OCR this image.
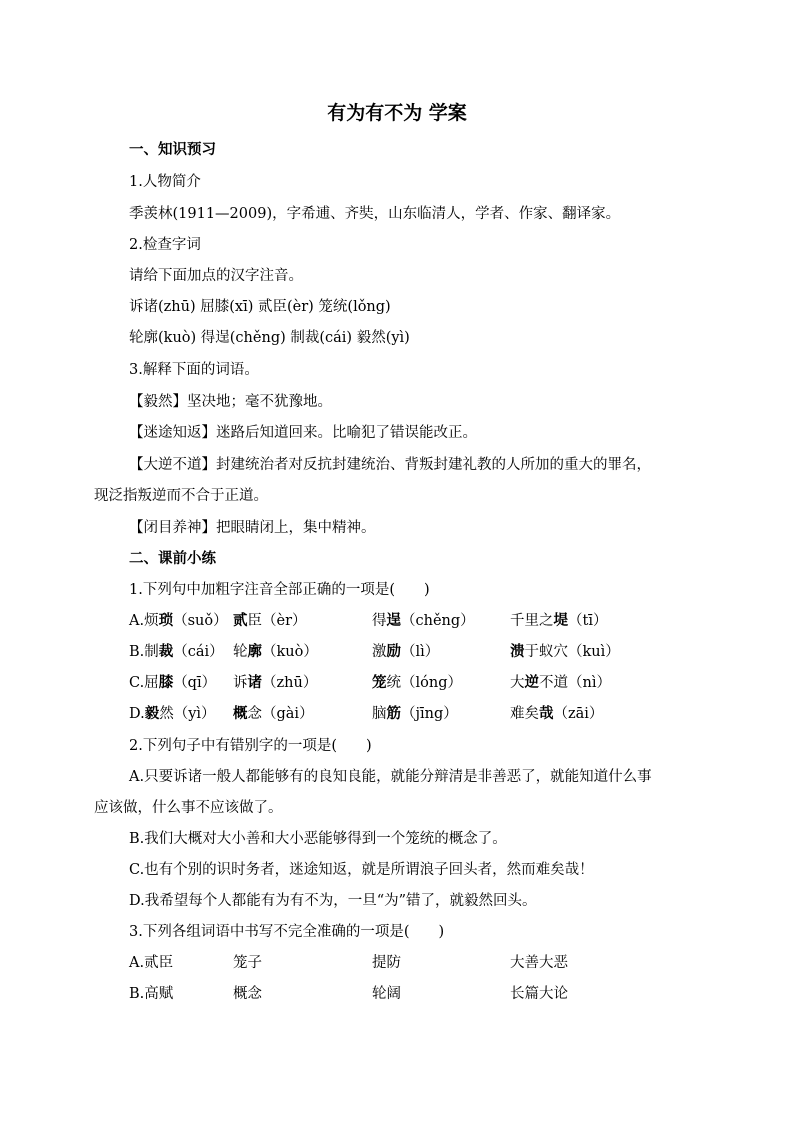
有为有不为 学案
一、知识预习
1.人物简介
季羡林(1911—2009)，字希逋、齐奘，山东临清人，学者、作家、翻译家。
2.检查字词
请给下面加点的汉字注音。
诉诸(zhū) 屈膝(xī) 贰臣(èr) 笼统(lǒng)
轮廓(kuò) 得逞(chěng) 制裁(cái) 毅然(yì)
3.解释下面的词语。
【毅然】坚决地；毫不犹豫地。
【迷途知返】迷路后知道回来。比喻犯了错误能改正。
【大逆不道】封建统治者对反抗封建统治、背叛封建礼教的人所加的重大的罪名，
现泛指叛逆而不合于正道。
【闭目养神】把眼睛闭上，集中精神。
二、课前小练
1.下列句中加粗字注音全部正确的一项是(　　)
A.烦琐（suǒ） 贰臣（èr）	得逞（chěng） 千里之堤（tī）
B.制裁（cái） 轮廓（kuò）	激励（lì）	溃于蚁穴（kuì）
C.屈膝（qī） 诉诸（zhū）	笼统（lóng）	大逆不道（nì）
D.毅然（yì） 概念（gài）	脑筋（jīng）	难矣哉（zāi）
2.下列句子中有错别字的一项是(　　)
A.只要诉诸一般人都能够有的良知良能，就能分辩清是非善恶了，就能知道什么事
应该做，什么事不应该做了。
B.我们大概对大小善和大小恶能够得到一个笼统的概念了。
C.也有个别的识时务者，迷途知返，就是所谓浪子回头者，然而难矣哉！
D.我希望每个人都能有为有不为，一旦“为”错了，就毅然回头。
3.下列各组词语中书写不完全准确的一项是(　　)
A.贰臣	笼子	提防	大善大恶
B.高赋	概念	轮阔	长篇大论
